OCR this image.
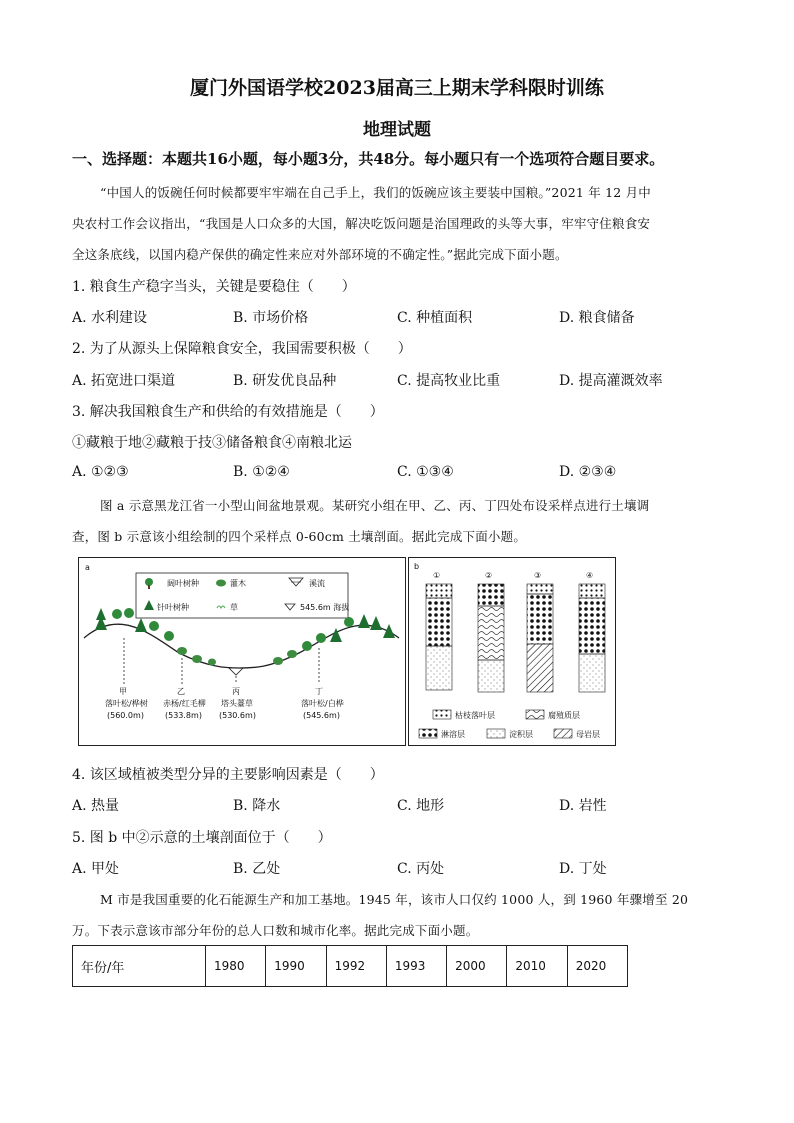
厦门外国语学校2023届高三上期末学科限时训练
地理试题
一、选择题：本题共16小题，每小题3分，共48分。每小题只有一个选项符合题目要求。
“中国人的饭碗任何时候都要牢牢端在自己手上，我们的饭碗应该主要装中国粮。”2021 年 12 月中
央农村工作会议指出，“我国是人口众多的大国，解决吃饭问题是治国理政的头等大事，牢牢守住粮食安
全这条底线，以国内稳产保供的确定性来应对外部环境的不确定性。”据此完成下面小题。
1. 粮食生产稳字当头，关键是要稳住（　　）
A. 水利建设	B. 市场价格	C. 种植面积	D. 粮食储备
2. 为了从源头上保障粮食安全，我国需要积极（　　）
A. 拓宽进口渠道	B. 研发优良品种	C. 提高牧业比重	D. 提高灌溉效率
3. 解决我国粮食生产和供给的有效措施是（　　）
①藏粮于地②藏粮于技③储备粮食④南粮北运
A. ①②③	B. ①②④	C. ①③④	D. ②③④
图 a 示意黑龙江省一小型山间盆地景观。某研究小组在甲、乙、丙、丁四处布设采样点进行土壤调
查，图 b 示意该小组绘制的四个采样点 0-60cm 土壤剖面。据此完成下面小题。
a
阔叶树种	灌木	溪流
针叶树种	草	545.6m 海拔
甲
落叶松/桦树
(560.0m)
乙
赤杨/红毛柳
(533.8m)
丙
塔头薹草
(530.6m)
丁
落叶松/白桦
(545.6m)
b
①	②	③	④
枯枝落叶层	腐殖质层
淋溶层	淀积层	母岩层
4. 该区域植被类型分异的主要影响因素是（　　）
A. 热量	B. 降水	C. 地形	D. 岩性
5. 图 b 中②示意的土壤剖面位于（　　）
A. 甲处	B. 乙处	C. 丙处	D. 丁处
M 市是我国重要的化石能源生产和加工基地。1945 年，该市人口仅约 1000 人，到 1960 年骤增至 20
万。下表示意该市部分年份的总人口数和城市化率。据此完成下面小题。
年份/年	1980	1990	1992	1993	2000	2010	2020
